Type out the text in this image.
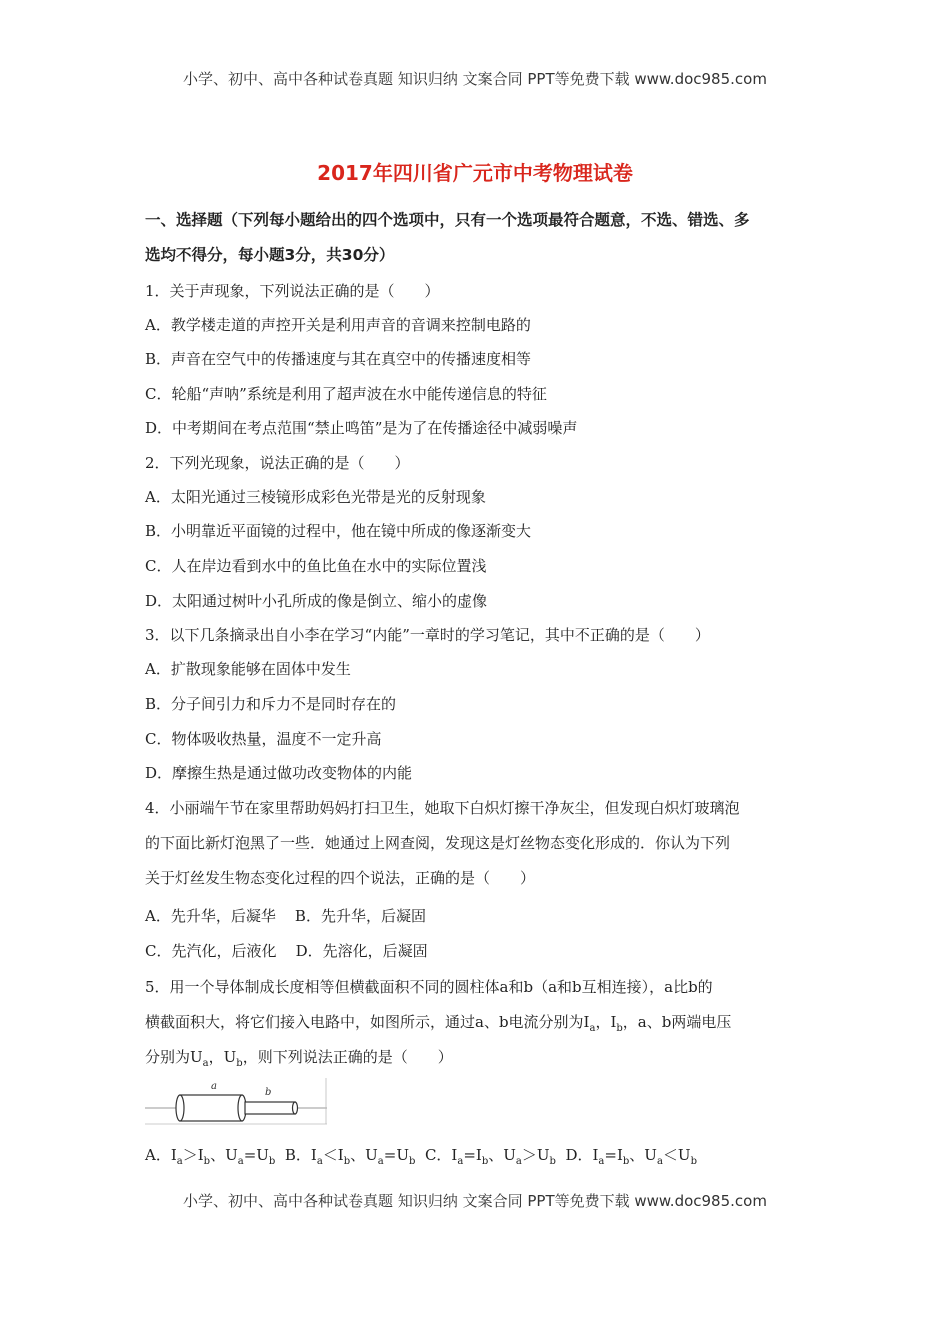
小学、初中、高中各种试卷真题 知识归纳 文案合同 PPT等免费下载 www.doc985.com
2017年四川省广元市中考物理试卷
一、选择题（下列每小题给出的四个选项中，只有一个选项最符合题意，不选、错选、多
选均不得分，每小题3分，共30分）
1．关于声现象，下列说法正确的是（　　）
A．教学楼走道的声控开关是利用声音的音调来控制电路的
B．声音在空气中的传播速度与其在真空中的传播速度相等
C．轮船“声呐”系统是利用了超声波在水中能传递信息的特征
D．中考期间在考点范围“禁止鸣笛”是为了在传播途径中减弱噪声
2．下列光现象，说法正确的是（　　）
A．太阳光通过三棱镜形成彩色光带是光的反射现象
B．小明靠近平面镜的过程中，他在镜中所成的像逐渐变大
C．人在岸边看到水中的鱼比鱼在水中的实际位置浅
D．太阳通过树叶小孔所成的像是倒立、缩小的虚像
3．以下几条摘录出自小李在学习“内能”一章时的学习笔记，其中不正确的是（　　）
A．扩散现象能够在固体中发生
B．分子间引力和斥力不是同时存在的
C．物体吸收热量，温度不一定升高
D．摩擦生热是通过做功改变物体的内能
4．小丽端午节在家里帮助妈妈打扫卫生，她取下白炽灯擦干净灰尘，但发现白炽灯玻璃泡
的下面比新灯泡黑了一些．她通过上网查阅，发现这是灯丝物态变化形成的．你认为下列
关于灯丝发生物态变化过程的四个说法，正确的是（　　）
A．先升华，后凝华 B．先升华，后凝固
C．先汽化，后液化 D．先溶化，后凝固
5．用一个导体制成长度相等但横截面积不同的圆柱体a和b（a和b互相连接），a比b的
横截面积大，将它们接入电路中，如图所示，通过a、b电流分别为$I_a$，$I_b$，a、b两端电压
分别为$U_a$，$U_b$，则下列说法正确的是（　　）
a
b
A．$I_a>I_b$、$U_a=U_b$ B．$I_a<I_b$、$U_a=U_b$ C．$I_a=I_b$、$U_a>U_b$ D．$I_a=I_b$、$U_a<U_b$
小学、初中、高中各种试卷真题 知识归纳 文案合同 PPT等免费下载 www.doc985.com
